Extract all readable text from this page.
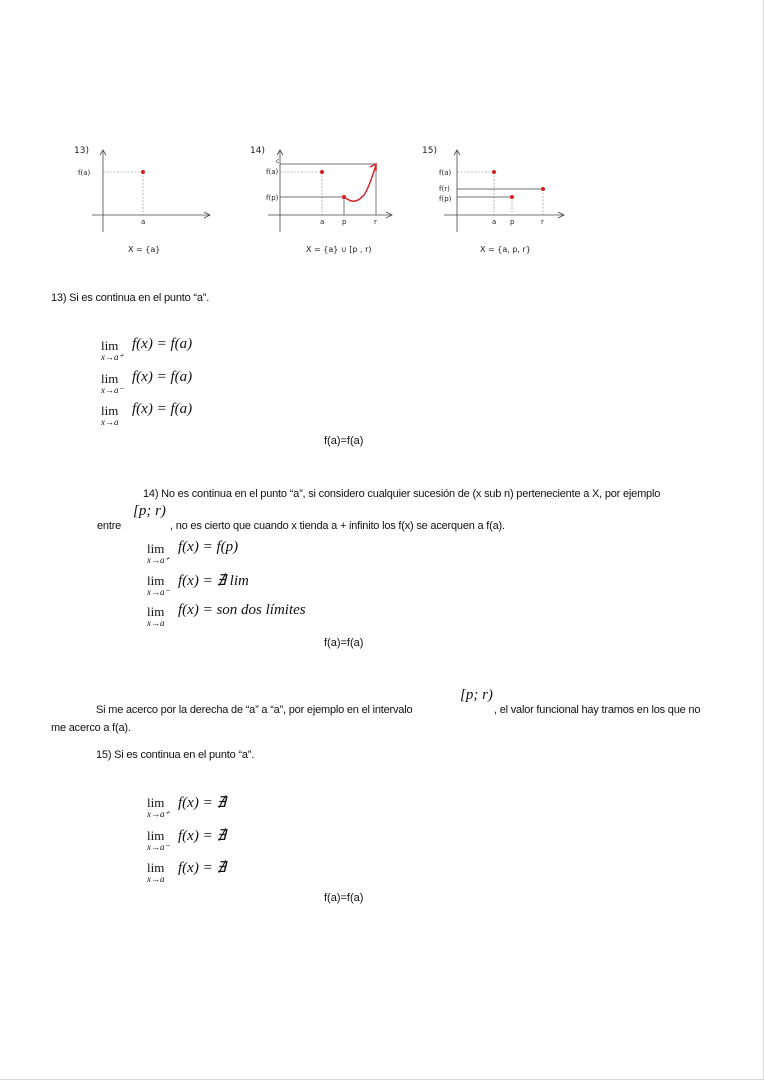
13)
f(a)
a
X = {a}
14)
c
f(a)
f(p)
a	p	r
X = {a} ∪ [p , r)
15)
f(a)
f(r)
f(p)
a p	r
X = {a, p, r}
13) Si es continua en el punto “a”.
lim
x→a⁺
f(x) = f(a)
lim
x→a⁻
f(x) = f(a)
lim
x→a
f(x) = f(a)
f(a)=f(a)
14) No es continua en el punto “a”, si considero cualquier sucesión de (x sub n) perteneciente a X, por ejemplo
entre
[p; r)
, no es cierto que cuando x tienda a + infinito los f(x) se acerquen a f(a).
lim
x→a⁺
f(x) = f(p)
lim
x→a⁻
f(x) = ∄ lim
lim
x→a
f(x) = son dos límites
f(a)=f(a)
Si me acerco por la derecha de “a” a “a”, por ejemplo en el intervalo
[p; r)
, el valor funcional hay tramos en los que no
me acerco a f(a).
15) Si es continua en el punto “a”.
lim
x→a⁺
f(x) = ∄
lim
x→a⁻
f(x) = ∄
lim
x→a
f(x) = ∄
f(a)=f(a)
